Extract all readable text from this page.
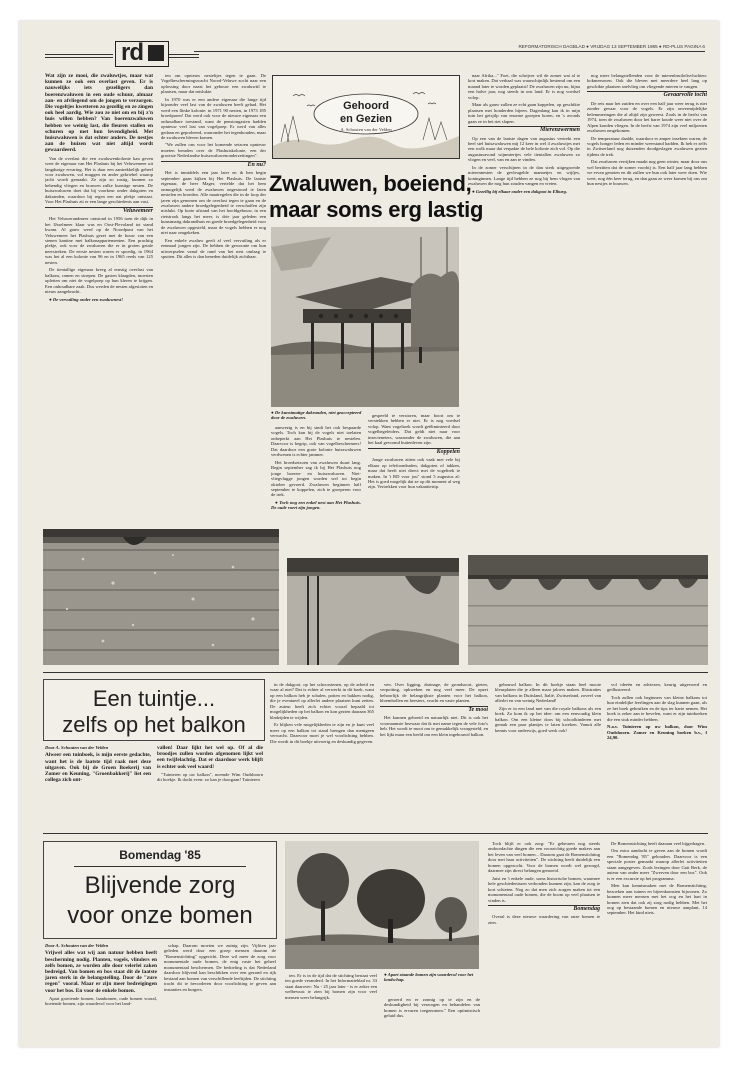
rd	REFORMATORISCH DAGBLAD ● VRIJDAG 13 SEPTEMBER 1985 ● RD-PLUS PAGINA 6

Wat zijn ze mooi, die zwaluwtjes, maar wat kunnen ze ook een overlast geven. Er is nauwelijks iets gezelligers dan boerenzwaluwen in een oude schuur, almaar aan- en afvliegend om de jongen te verzorgen. Die vogeltjes kwetteren zo gezellig en ze zingen ook heel aardig. Wie zou ze niet om en bij z'n huis willen hebben? Van boerenzwaluwen hebben we weinig last, die fleuren stallen en schuren op met hun levendigheid. Met huiszwaluwen is dat echter anders. De nestjes aan de huizen wat niet altijd wordt gewaardeerd.

Van de overlast die een zwaluwenkolonie kan geven weet de eigenaar van Het Plashuis bij het Veluwemeer uit langdurige ervaring. Het is daar een aantrekkelijk geheel voor zwaluwen, vol muggen en ander gekriebel waarop jacht wordt gemaakt. Ze zijn zo rustig, kunnen zo behendig vliegen en bouwen zulke kunstige nesten. De huiszwaluwen doet dat bij voorkeur onder dakgoten en dakranden, waardoor bij regen een nat plekje ontstaat. Voor Het Plashuis zit er een lange geschiedenis aan vast.

Veluwemeer

Het Veluwerandmeer ontstond in 1956 toen de dijk in het IJsselmeer klaar was en Oost-Flevoland tot stand kwam. Al gauw werd op de Noordpunt van het Veluwemeer het Plashuis gezet met de bouw van een stenen kantine met balkonappartementen. Een prachtig plekje, ook voor de zwaluwen die er in groten getale neerstreken. De eerste nesten waren er spoedig, in 1964 was het al een kolonie van 96 en in 1965 reeds van 125 nesten.

De tientallige eigenaar kreeg al ernstig overlast van balkons, ramen en stoepen. De gasten klaagden, moesten opletten om niet de vogelpoep op hun kleren te krijgen. Een onhoudbare zaak. Dus werden de nesten afgestoten en nieuw aangebracht.

● De vervuiling onder een zwaluwnest!

ten om opnieuw nesteltjes tegen te gaan. De Vogelbeschermingswacht Noord-Veluwe zocht naar een oplossing door naast het gebouw een zwaluwtil te plaatsen, maar dat mislukte.

In 1970 was er een andere eigenaar die lange tijd bijzonder veel last van de zwaluwen heeft gehad. Het werd een flinke kolonie: in 1971 90 nesten, in 1973 185 broedparen! Dat werd ook voor de nieuwe eigenaar een onhoudbare toestand, want de pensiongasten hadden opnieuw veel last van vogelpoep. Er werd van alles gedaan en geprobeerd, waaronder het tegenhouden, maar de zwaluwen bleven komen.

"We zullen ons voor het komende seizoen opnieuw moeten beraden over de Plashuiskolonie, een der grootste Nederlandse huiszwaluwenonderzettingen".

En nu?

Het is inmiddels een jaar later en ik ben begin september gaan kijken bij Het Plashuis. De laatste eigenaar, de heer Mager, vertelde dat het hem onmogelijk werd de zwaluwen ongestoord te laten nestelen en broeden. Alle maatregelen die in de loop der jaren zijn genomen om de overlast tegen te gaan en de zwaluwen andere broedgelegenheid te verschaffen zijn mislukt. Op korte afstand van het hoofdgebouw, in een rietstrook langs het meer, is drie jaar geleden een kunstmatig dakrandhuis en goede broedgelegenheid voor de zwaluwen opgesteld, maar de vogels hebben er nog niet naar omgekeken.

Een enkele zwaluw geeft al veel vervuiling als er eenmaal jongen zijn. De hebben de gewoonte om hun uitwerpselen vanaf de rand van het nest omlaag te spuiten. Dit alles is dan beneden duidelijk zichtbaar.

Gehoord
en Gezien
A. Schouten van der Velden
Zwaluwen, boeiend,
maar soms erg lastig
● De kunstmatige dakranden, niet geaccepteerd door de zwaluwen.

aanwezig is en bij sindt het ook bespaarde vogels. Toch kan bij de vogels niet toelaten onbeperkt aan Het Plashuis te nestelen. Daarvoor is begrip, ook van vogelbeschermers! Dat daardoor een grote kolonie huiszwaluwen verdwenen is echter jammer.

Het broedseizoen van zwaluwen duurt lang. Begin september zag ik bij Het Plashuis nog jonge boeren- en huiszwaluwen. Niet-vliegvlugge jongen worden wel tot begin oktober gevoerd. Zwaluwen beginnen half september te koppelen, zich te groeperen voor de trek.

● Toch nog een enkel nest aan Het Plashuis. De oude voert zijn jongen.

gespeeld te verstoren, maar hoort om te verstekken hebben er niet. Er is nog voedsel volop. Want vogeltoek wordt geëliminieerd door vogelbegeleiders. Dat geldt niet naar voor insecteneters, waaronder de zwaluwen, die aan het kaal gevormd buitenleven zijn.

Koppelen

Jonge zwaluwen zitten ook vaak met vele bij elkaar op telefoondraden, dakgoten of takken, maar dat heeft niet direct met de vogeltrek te maken. In 't RD voor jou" stond 5 augustus al: Het is goed mogelijk dat ze op dit moment al weg zijn. Vertrekken voor hun vakantietrip.

naar Afrika..." Foei, die schrijver wil de zomer wat al te kort maken. Dat verhaal was waarschijnlijk bestemd om een maand later te worden geplaatst! De zwaluwen zijn nu, bijna een halve jaar, nog steeds in ons land. Er is nog voedsel volop.

Maar als gauw zullen ze echt gaan koppelen, op geschikte plaatsen met honderden bijeen. Dagenlang kan ik in mijn tuin het getsjilp van enorme groepen horen, en 's avonds gaan ze in het riet slapen.

Mierenzwermen

Op een van de laatste dagen van augustus vertrekt een heel stel huiszwaluwen mij 12 keer in wel 4 zwaluwtjes met een wolk maar dat verpakte de hele kolonie zich vol. Op die augustusavond wijnmiertjes vele tientallen zwaluwen zo vlogen en veel, van en aan te vinden.

In de zomer verschijnen in de dan sterk uitgegroeide mierennesten de gevleugelde mannetjes en wijfjes, koninginnen. Lange tijd hebben ze nog bij hem vlogen van zwaluwen die nog hun zouden vangen en vreten.

● Gezellig bij elkaar onder een dakgoot in Elburg.

nog meer belangstellenden voor de mierenbruiloftsvluchten: kokmeeuwen. Ook die bleven met meerdere heel lang op geschikte plaatsen snelvlieg om vliegende mieren te vangen.

Gevaarvolle tocht

De reis naar het zuiden en over een half jaar weer terug is niet zonder gevaar voor de vogels. Er zijn onvermijdelijke belemmeringen die al altijd zijn geweest. Zoals in de herfst van 1974, toen de zwaluwen door het barre koude weer niet over de Alpen konden vliegen. In de herfst van 1974 zijn veel miljoenen zwaluwen omgekomen.

De temperatuur daalde, waardoor er amper insekten waren, de vogels honger leden en minder weerstand hadden. Ik heb er zelfs in Zwitserland nog duizenden doodgeslagen zwaluwen gezien tijdens de trek.

Dat zwaluwen verrijken maakt nog geen winter, maar door ons wel bezitten dat de zomer voorbij is. Een half jaar lang hebben we ervan genoten en dit zullen we hun ook later weer doen. Wie weet, nog één keer terug, en dan gaan ze weer komen bij ons om hun nestjes te bouwen.

Een tuintje...
zelfs op het balkon

Door A. Schouten van der Velden

Alweer een tuinboek, is mijn eerste gedachte, want het is de laatste tijd raak met deze uitgaven. Ook bij de Groen Boekerij van Zomer en Keuning, "Groenbakkerij" liet een collega zich ont-

vallen! Daar lijkt het wel op. Of al die broodjes zullen worden afgenomen lijkt wel een twijfelachtig. Dat er daardoor werk blijft is echter ook veel waard!

"Tuinieren op uw balkon", noemde Wim Oudshoorn dit boekje. Ik dacht even: zo kan je doorgaan! Tuinieren

in de dakgoot, op het schoorstenen, op de arbeid en waar al niet? Dat is echter al verwerkt in dit boek, want op een balkon heb je schalen, potten en bakken nodig, die je eventueel op allerlei andere plaatsen kunt zetten. De auteur heeft zich echter vooral bepaald tot mogelijkheden op het balkon en kon gezien daaraan 365 bladzijden te wijden.

Er blijken vele mogelijkheden te zijn en je kunt veel meer op een balkon tot stand brengen dan menigeen verwacht. Daarvoor moet je wel voorlichting hebben. Die wordt in dit boekje uitvoerig en deskundig gegeven.

ven. Over ligging, drainage, de grondsoort, gieten, verpotting, opkweken en nog veel meer. De opzet behoorlijk de belangrijkste planten voor het balkon, bloembollen en heesters, vrucht en vaste planten.

Te mooi

Het kunnen geboeid en natuurlijk niet. Dit is ook het voornaamste bezwaar dat ik met name tegen de vele foto's heb. Het wordt te mooi om te gemakkelijk voorgesteld, en het lijkt maar een beeld om een klein ingebouwd balkon.

gebouwd balkon. In dit boekje staan heel mooie kleurplaten die je alleen maar jaloers maken. Illustraties van balkons in Duitsland, Italië, Zwitserland, zoveel van allerlei en van weinig Nederland!

Zijn er in een land met van die royale balkons als een boek. Zo kom ik op het idee: om een eenvoudig klein balkon. Om een kleine doos bij schoolkinderen met gemak een paar plantjes te laten kweken. Vanuit alle kennis voor onderwijs, goed werk ook!

vol ideeën en adviezen, keurig uitgevoerd en geillustreerd.

Toch zullen ook beginners van kleine balkons tot hun eindelijke leerlingen aan de slag kunnen gaan, als ze het boek gebruiken en de tips ter harte nemen. Het boek is zeker aan te bevelen, want er zijn tuinboeken die een stuk minder hebben.

N.a.v. Tuinieren op uw balkon, door Wim Oudshoorn. Zomer en Keuning boeken b.v., f 24,90.

Bomendag '85
Blijvende zorg
voor onze bomen

Door A. Schouten van der Velden

Vrijwel alles wat wij aan natuur hebben heeft bescherming nodig. Planten, vogels, vlinders en zelfs bomen, ze worden alle door velerlei zaken bedreigd. Van bomen en bos staat dit de laatste jaren sterk in de belangstelling. Door de "zure regen" vooral. Maar er zijn meer bedreigingen voor het bos. En voor de enkele bomen.

Apart groeiende bomen, laanbomen, oude bomen vooral, boeiende bomen, zijn waardevol voor het land-

schap. Daarom moeten we zuinig zijn. Vijftien jaar geleden werd door een groep mensen daarom de "Bomenstichting" opgericht. Deze wil meer de zorg voor monumentale oude bomen, de enig vaste het geheel monumentaal beschermen. De bedoeling is dat Nederland daardoor blijvend kan beschikken over een gezond en rijk bestand aan bomen van verschillende leeftijden. De stichting tracht dit te bevorderen door voorlichting te geven aan instanties en burgers.

● Apart staande bomen zijn waardevol voor het landschap.

ten. Er is in de tijd dat de stichting bestaat veel ten goede veranderd. In het Informatieblad nr. 33 staat daarover: Nu - 25 jaar later - is er zeker een welbewust te zien bij bomen zijn voor veel mensen weer belangrijk.	geroerd en er zonnig op te zijn en de deskundigheid bij verzorgen en behandelen van bomen is ervaren toegenomen." Een optimistisch geluid dus.

Toch blijft er ook zorg: "Er gebeuren nog steeds ondoordachte dingen die een voorzichtig goede makers aan het leven van veel bomen... Daarom gaat de Bomenstichting door met haar activiteiten". De stichting heeft duidelijk een bomen opgezocht. Voor de bomen wordt wel gezorgd, daarmee zijn direct belangen gemoeid.

Juist en 't enkele oude, soms historische bomen, waarmee hele geschiedenissen verbonden kunnen zijn, kan de zorg te kort schieten. Nog zo dat men zich zorgen maken tot een monumentaal oude bomen, die de boom op veel plaatsen te vinden is.

Bomendag

Overal is deze nieuwe waardering van onze bomen te zien.

De Bomenstichting heeft daaraan veel bijgedragen.

Om extra aandacht te geven aan de bomen wordt een "Bomendag '85" gehouden. Daarvoor is een speciale poster gemaakt waarop allerlei activiteiten staan aangegeven. Zoals lezingen door Gait Berk, de auteur van onder meer "Zwerven door een bos". Ook is er een excursie op het programma.

Men kan kennismaken met de Bomenstichting, bezoeken aan tuinen en bijeenkomsten bijwonen. Zo kunnen meer mensen met het oog en het hart in bomen zien dat ook zij zorg nodig hebben. Met het oog op bestaande bomen en nieuwe aanplant, 14 september. Het kind niets.
